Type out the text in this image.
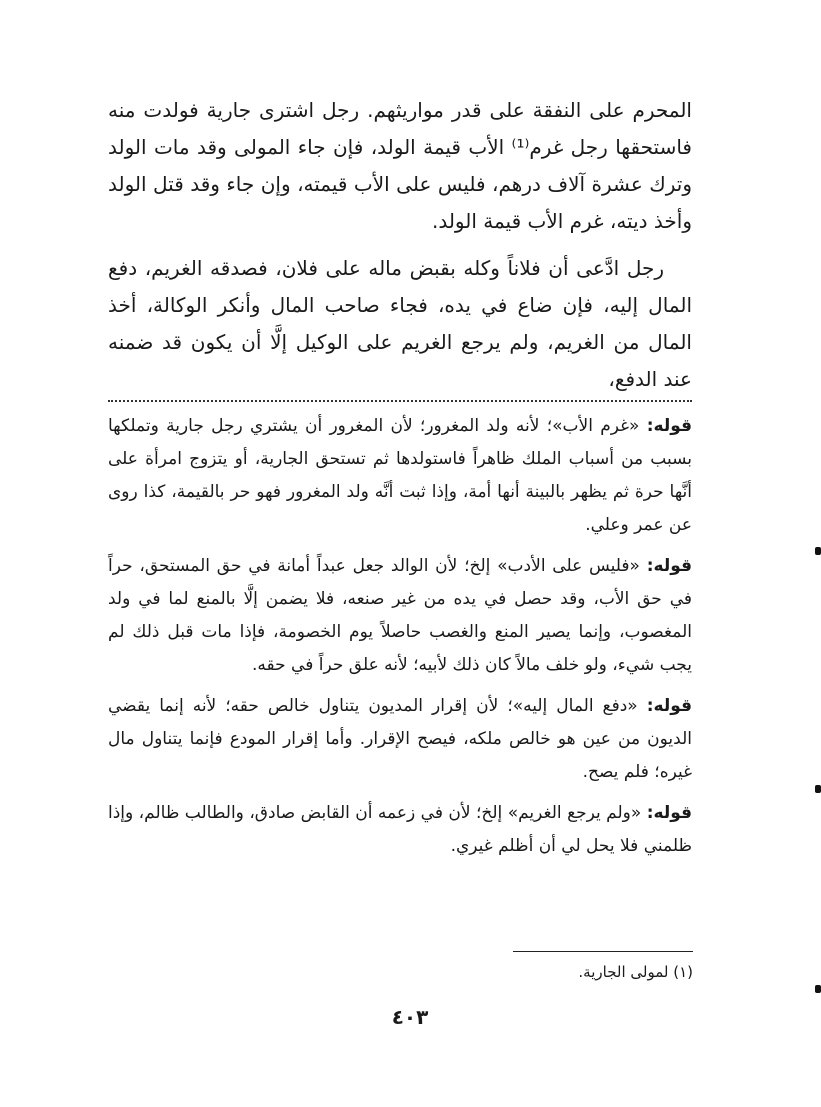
المحرم على النفقة على قدر مواريثهم. رجل اشترى جارية فولدت منه فاستحقها رجل غرم⁽¹⁾ الأب قيمة الولد، فإن جاء المولى وقد مات الولد وترك عشرة آلاف درهم، فليس على الأب قيمته، وإن جاء وقد قتل الولد وأخذ ديته، غرم الأب قيمة الولد.

رجل ادَّعى أن فلاناً وكله بقبض ماله على فلان، فصدقه الغريم، دفع المال إليه، فإن ضاع في يده، فجاء صاحب المال وأنكر الوكالة، أخذ المال من الغريم، ولم يرجع الغريم على الوكيل إلَّا أن يكون قد ضمنه عند الدفع،

قوله: «غرم الأب»؛ لأنه ولد المغرور؛ لأن المغرور أن يشتري رجل جارية وتملكها بسبب من أسباب الملك ظاهراً فاستولدها ثم تستحق الجارية، أو يتزوج امرأة على أنَّها حرة ثم يظهر بالبينة أنها أمة، وإذا ثبت أنَّه ولد المغرور فهو حر بالقيمة، كذا روى عن عمر وعلي.

قوله: «فليس على الأدب» إلخ؛ لأن الوالد جعل عبداً أمانة في حق المستحق، حراً في حق الأب، وقد حصل في يده من غير صنعه، فلا يضمن إلَّا بالمنع لما في ولد المغصوب، وإنما يصير المنع والغصب حاصلاً يوم الخصومة، فإذا مات قبل ذلك لم يجب شيء، ولو خلف مالاً كان ذلك لأبيه؛ لأنه علق حراً في حقه.

قوله: «دفع المال إليه»؛ لأن إقرار المديون يتناول خالص حقه؛ لأنه إنما يقضي الديون من عين هو خالص ملكه، فيصح الإقرار. وأما إقرار المودع فإنما يتناول مال غيره؛ فلم يصح.

قوله: «ولم يرجع الغريم» إلخ؛ لأن في زعمه أن القابض صادق، والطالب ظالم، وإذا ظلمني فلا يحل لي أن أظلم غيري.

(١) لمولى الجارية.
٤٠٣
